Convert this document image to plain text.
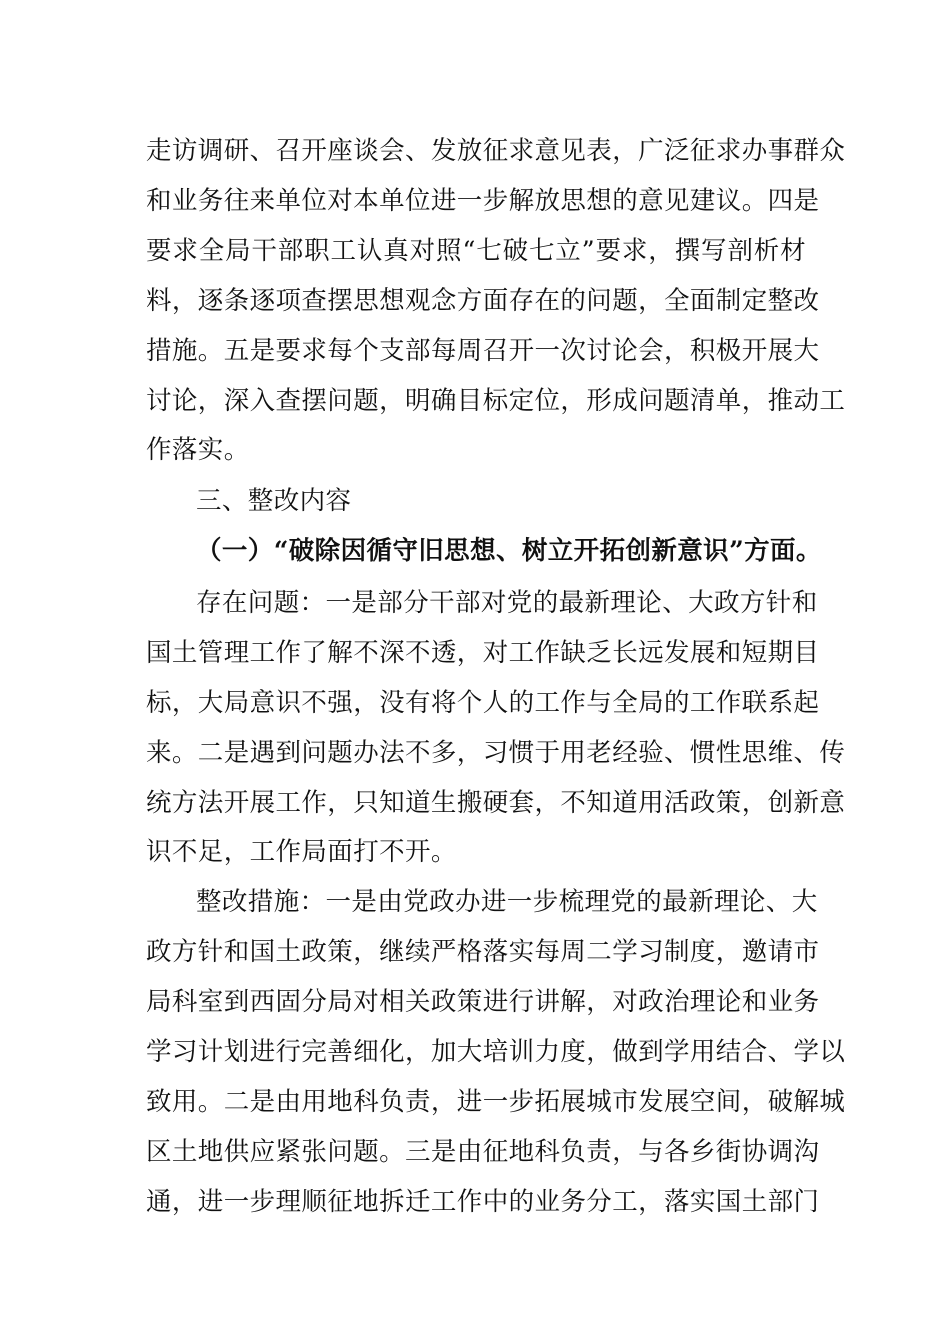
走访调研、召开座谈会、发放征求意见表，广泛征求办事群众
和业务往来单位对本单位进一步解放思想的意见建议。四是
要求全局干部职工认真对照“七破七立”要求，撰写剖析材
料，逐条逐项查摆思想观念方面存在的问题，全面制定整改
措施。五是要求每个支部每周召开一次讨论会，积极开展大
讨论，深入查摆问题，明确目标定位，形成问题清单，推动工
作落实。
三、整改内容
（一）“破除因循守旧思想、树立开拓创新意识”方面。
存在问题：一是部分干部对党的最新理论、大政方针和
国土管理工作了解不深不透，对工作缺乏长远发展和短期目
标，大局意识不强，没有将个人的工作与全局的工作联系起
来。二是遇到问题办法不多，习惯于用老经验、惯性思维、传
统方法开展工作，只知道生搬硬套，不知道用活政策，创新意
识不足，工作局面打不开。
整改措施：一是由党政办进一步梳理党的最新理论、大
政方针和国土政策，继续严格落实每周二学习制度，邀请市
局科室到西固分局对相关政策进行讲解，对政治理论和业务
学习计划进行完善细化，加大培训力度，做到学用结合、学以
致用。二是由用地科负责，进一步拓展城市发展空间，破解城
区土地供应紧张问题。三是由征地科负责，与各乡街协调沟
通，进一步理顺征地拆迁工作中的业务分工，落实国土部门
